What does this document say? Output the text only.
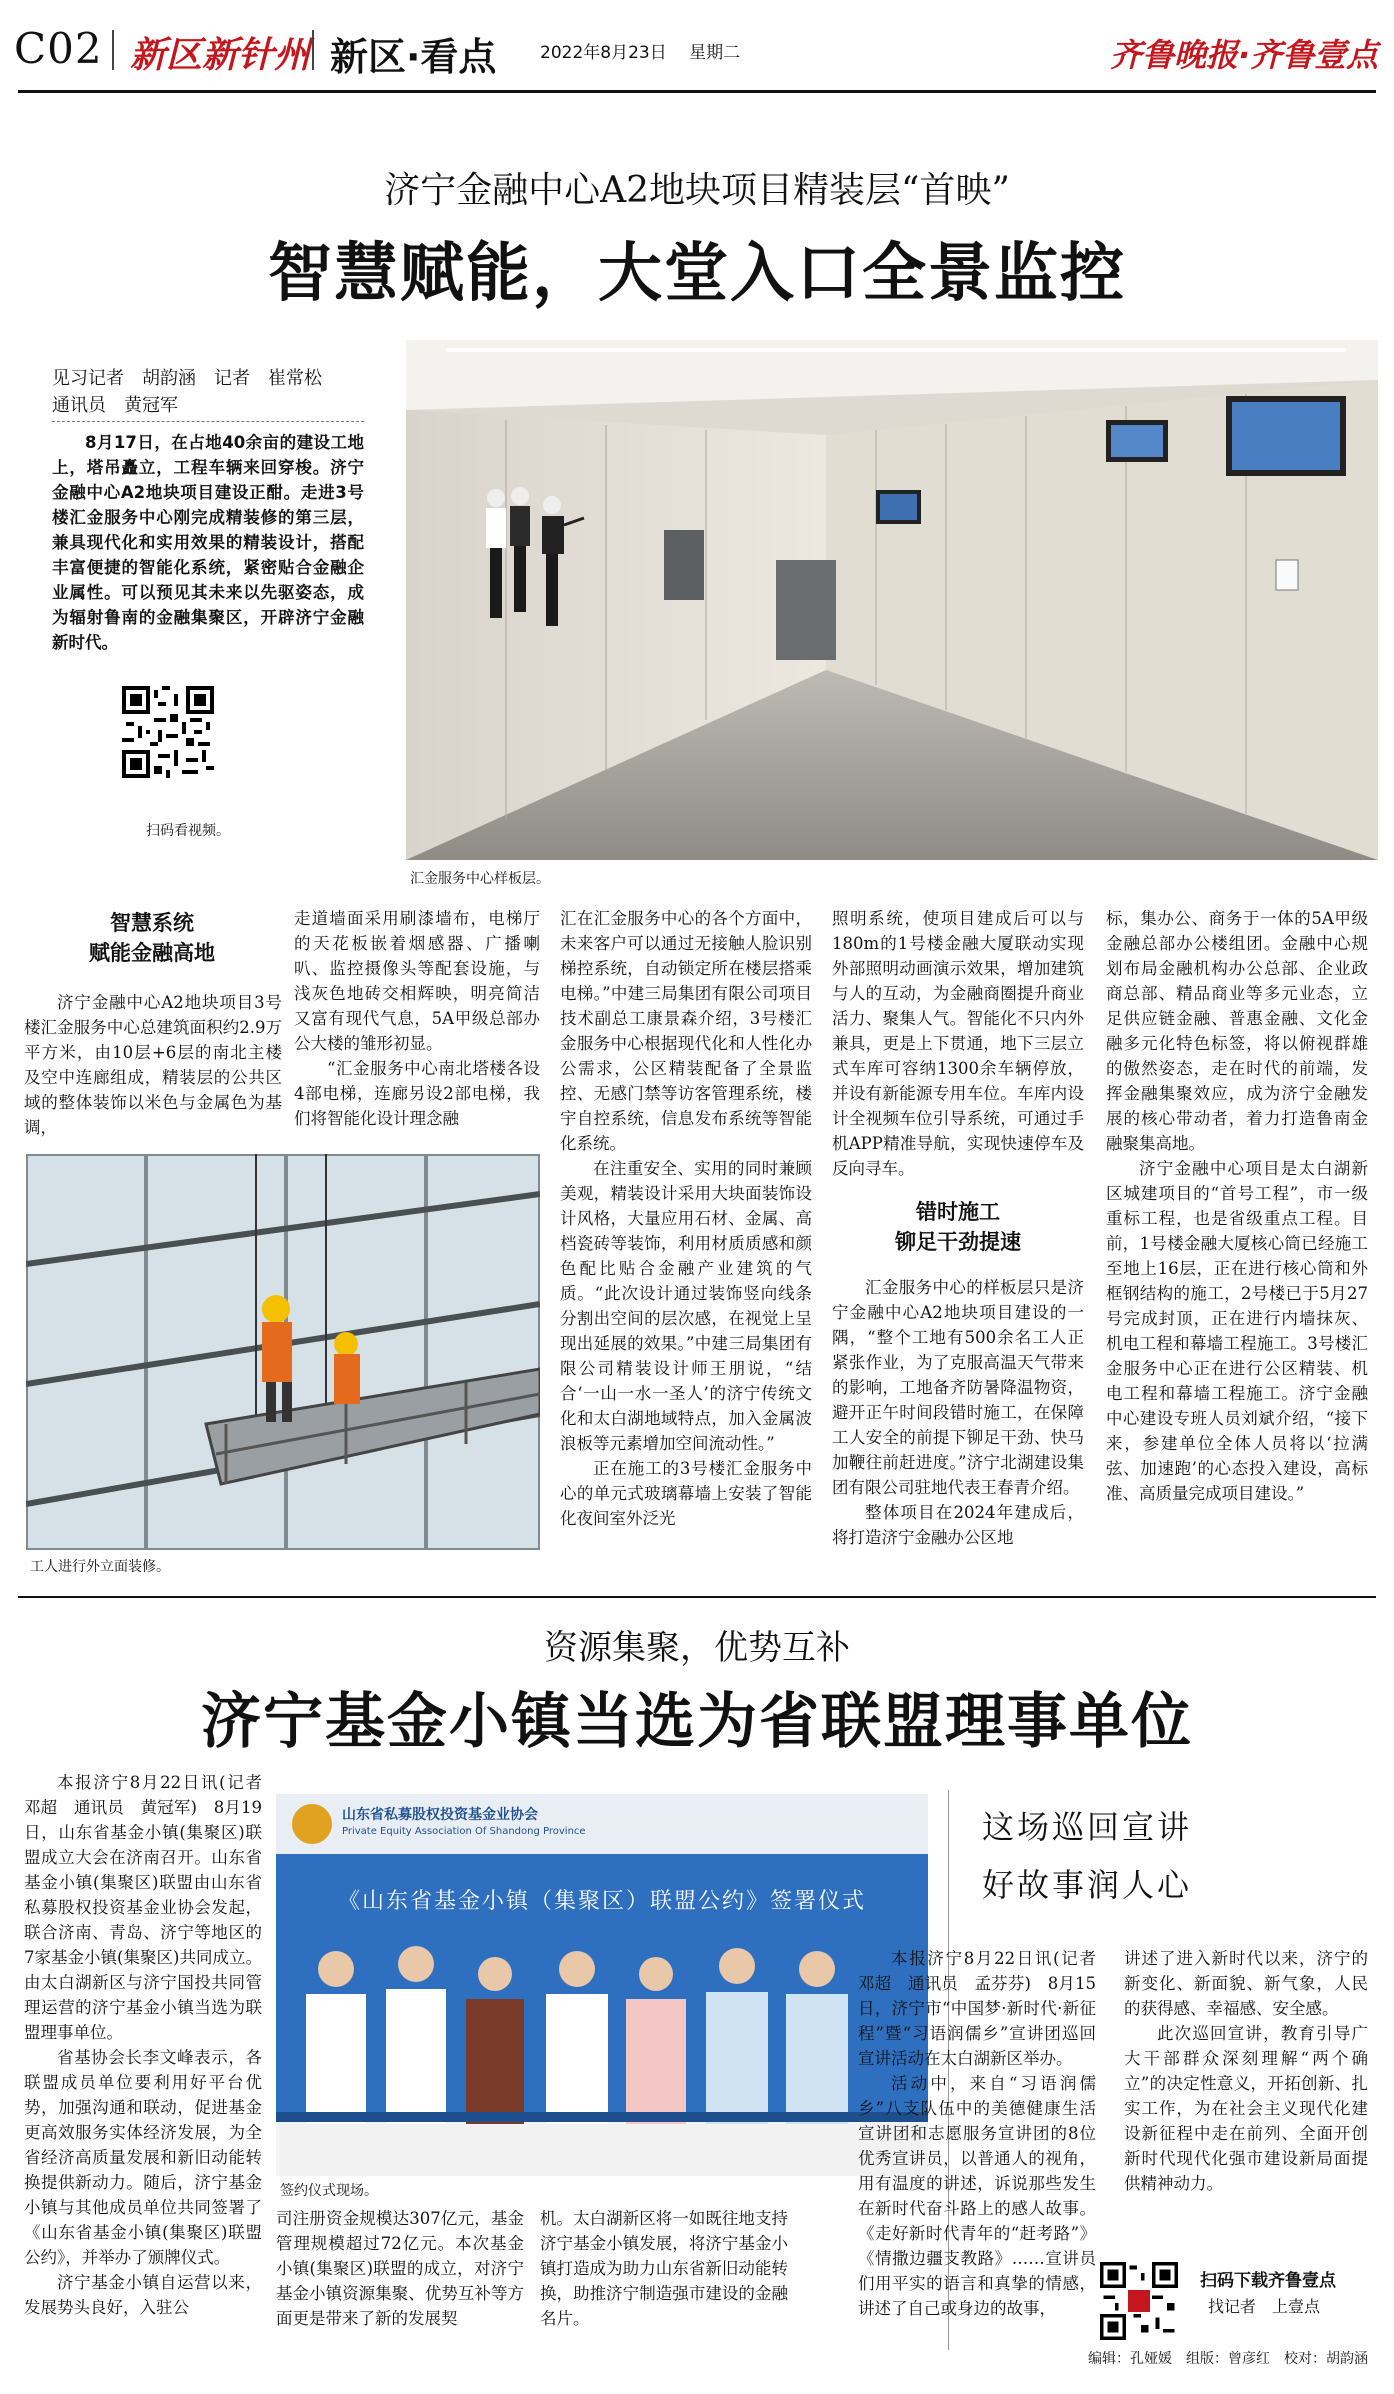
C02 新区新针州 新区·看点	2022年8月23日　 星期二	齐鲁晚报·齐鲁壹点
济宁金融中心A2地块项目精装层“首映”
智慧赋能，大堂入口全景监控
见习记者　胡韵涵　记者　崔常松
通讯员　黄冠军

8月17日，在占地40余亩的建设工地上，塔吊矗立，工程车辆来回穿梭。济宁金融中心A2地块项目建设正酣。走进3号楼汇金服务中心刚完成精装修的第三层，兼具现代化和实用效果的精装设计，搭配丰富便捷的智能化系统，紧密贴合金融企业属性。可以预见其未来以先驱姿态，成为辐射鲁南的金融集聚区，开辟济宁金融新时代。

扫码看视频。
汇金服务中心样板层。
智慧系统
赋能金融高地

济宁金融中心A2地块项目3号楼汇金服务中心总建筑面积约2.9万平方米，由10层+6层的南北主楼及空中连廊组成，精装层的公共区域的整体装饰以米色与金属色为基调，

走道墙面采用刷漆墙布，电梯厅的天花板嵌着烟感器、广播喇叭、监控摄像头等配套设施，与浅灰色地砖交相辉映，明亮简洁又富有现代气息，5A甲级总部办公大楼的雏形初显。

“汇金服务中心南北塔楼各设4部电梯，连廊另设2部电梯，我们将智能化设计理念融

工人进行外立面装修。

汇在汇金服务中心的各个方面中，未来客户可以通过无接触人脸识别梯控系统，自动锁定所在楼层搭乘电梯。”中建三局集团有限公司项目技术副总工康景森介绍，3号楼汇金服务中心根据现代化和人性化办公需求，公区精装配备了全景监控、无感门禁等访客管理系统，楼宇自控系统，信息发布系统等智能化系统。

在注重安全、实用的同时兼顾美观，精装设计采用大块面装饰设计风格，大量应用石材、金属、高档瓷砖等装饰，利用材质质感和颜色配比贴合金融产业建筑的气质。“此次设计通过装饰竖向线条分割出空间的层次感，在视觉上呈现出延展的效果。”中建三局集团有限公司精装设计师王朋说，“结合‘一山一水一圣人’的济宁传统文化和太白湖地域特点，加入金属波浪板等元素增加空间流动性。”

正在施工的3号楼汇金服务中心的单元式玻璃幕墙上安装了智能化夜间室外泛光

照明系统，使项目建成后可以与180m的1号楼金融大厦联动实现外部照明动画演示效果，增加建筑与人的互动，为金融商圈提升商业活力、聚集人气。智能化不只内外兼具，更是上下贯通，地下三层立式车库可容纳1300余车辆停放，并设有新能源专用车位。车库内设计全视频车位引导系统，可通过手机APP精准导航，实现快速停车及反向寻车。

错时施工
铆足干劲提速

汇金服务中心的样板层只是济宁金融中心A2地块项目建设的一隅，“整个工地有500余名工人正紧张作业，为了克服高温天气带来的影响，工地备齐防暑降温物资，避开正午时间段错时施工，在保障工人安全的前提下铆足干劲、快马加鞭往前赶进度。”济宁北湖建设集团有限公司驻地代表王春青介绍。

整体项目在2024年建成后，将打造济宁金融办公区地

标，集办公、商务于一体的5A甲级金融总部办公楼组团。金融中心规划布局金融机构办公总部、企业政商总部、精品商业等多元业态，立足供应链金融、普惠金融、文化金融多元化特色标签，将以俯视群雄的傲然姿态，走在时代的前端，发挥金融集聚效应，成为济宁金融发展的核心带动者，着力打造鲁南金融聚集高地。

济宁金融中心项目是太白湖新区城建项目的“首号工程”，市一级重标工程，也是省级重点工程。目前，1号楼金融大厦核心筒已经施工至地上16层，正在进行核心筒和外框钢结构的施工，2号楼已于5月27号完成封顶，正在进行内墙抹灰、机电工程和幕墙工程施工。3号楼汇金服务中心正在进行公区精装、机电工程和幕墙工程施工。济宁金融中心建设专班人员刘斌介绍，“接下来，参建单位全体人员将以‘拉满弦、加速跑’的心态投入建设，高标准、高质量完成项目建设。”

资源集聚，优势互补
济宁基金小镇当选为省联盟理事单位

本报济宁8月22日讯(记者　邓超　通讯员　黄冠军)　8月19日，山东省基金小镇(集聚区)联盟成立大会在济南召开。山东省基金小镇(集聚区)联盟由山东省私募股权投资基金业协会发起，联合济南、青岛、济宁等地区的7家基金小镇(集聚区)共同成立。由太白湖新区与济宁国投共同管理运营的济宁基金小镇当选为联盟理事单位。

省基协会长李文峰表示，各联盟成员单位要利用好平台优势，加强沟通和联动，促进基金更高效服务实体经济发展，为全省经济高质量发展和新旧动能转换提供新动力。随后，济宁基金小镇与其他成员单位共同签署了《山东省基金小镇(集聚区)联盟公约》，并举办了颁牌仪式。

济宁基金小镇自运营以来，发展势头良好，入驻公

山东省私募股权投资基金业协会
Private Equity Association Of Shandong Province
《山东省基金小镇（集聚区）联盟公约》签署仪式
签约仪式现场。

司注册资金规模达307亿元，基金管理规模超过72亿元。本次基金小镇(集聚区)联盟的成立，对济宁基金小镇资源集聚、优势互补等方面更是带来了新的发展契

机。太白湖新区将一如既往地支持济宁基金小镇发展，将济宁基金小镇打造成为助力山东省新旧动能转换，助推济宁制造强市建设的金融名片。

这场巡回宣讲
好故事润人心

本报济宁8月22日讯(记者　邓超　通讯员　孟芬芬)　8月15日，济宁市“中国梦·新时代·新征程”暨“习语润儒乡”宣讲团巡回宣讲活动在太白湖新区举办。

活动中，来自“习语润儒乡”八支队伍中的美德健康生活宣讲团和志愿服务宣讲团的8位优秀宣讲员，以普通人的视角，用有温度的讲述，诉说那些发生在新时代奋斗路上的感人故事。《走好新时代青年的“赶考路”》《情撒边疆支教路》……宣讲员们用平实的语言和真挚的情感，讲述了自己或身边的故事，

讲述了进入新时代以来，济宁的新变化、新面貌、新气象，人民的获得感、幸福感、安全感。

此次巡回宣讲，教育引导广大干部群众深刻理解“两个确立”的决定性意义，开拓创新、扎实工作，为在社会主义现代化建设新征程中走在前列、全面开创新时代现代化强市建设新局面提供精神动力。

扫码下载齐鲁壹点
找记者　上壹点
编辑：孔娅媛　组版：曾彦红　校对：胡韵涵
